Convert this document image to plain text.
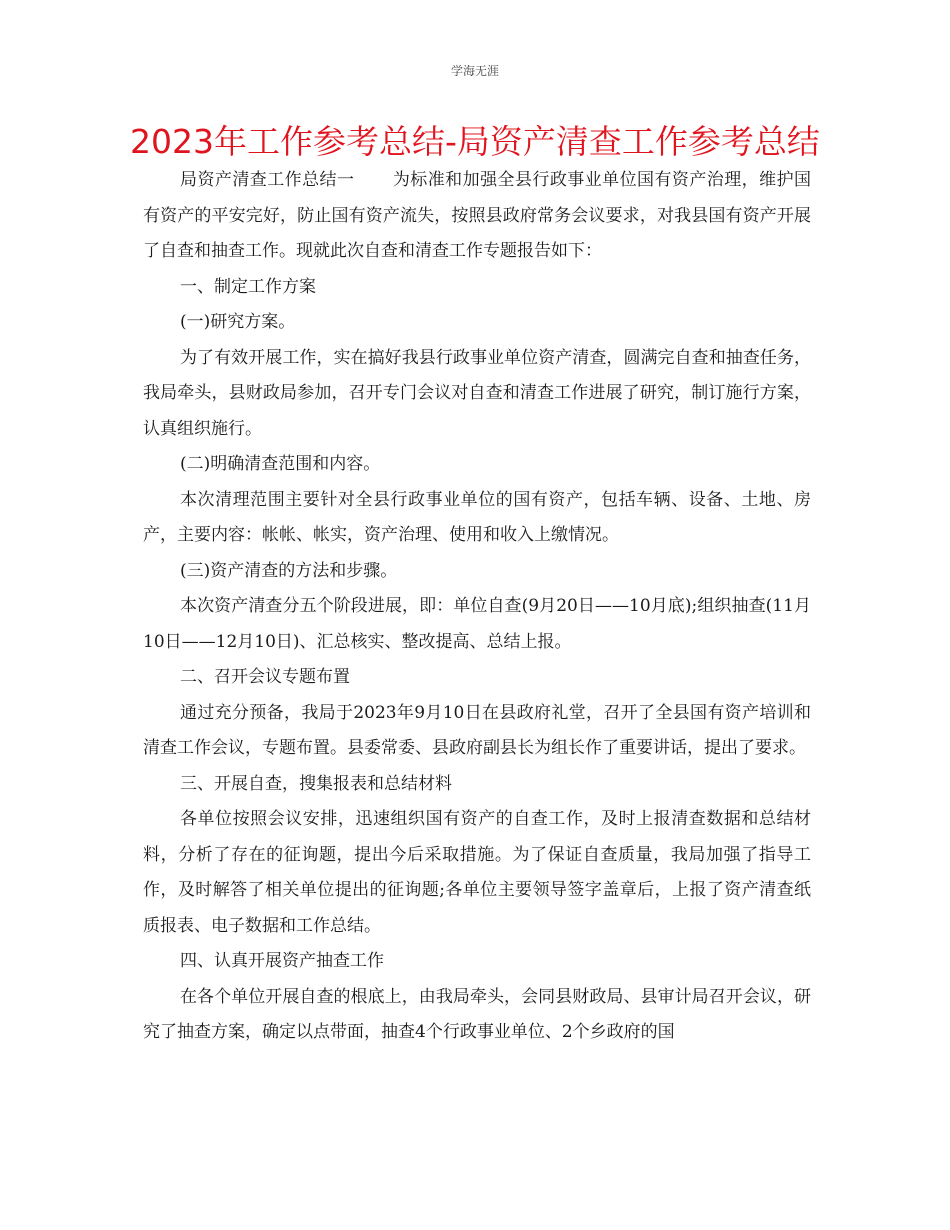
学海无涯
2023年工作参考总结-局资产清查工作参考总结

局资产清查工作总结一 为标准和加强全县行政事业单位国有资产治理，维护国有资产的平安完好，防止国有资产流失，按照县政府常务会议要求，对我县国有资产开展了自查和抽查工作。现就此次自查和清查工作专题报告如下：

一、制定工作方案

(一)研究方案。

为了有效开展工作，实在搞好我县行政事业单位资产清查，圆满完自查和抽查任务，我局牵头，县财政局参加，召开专门会议对自查和清查工作进展了研究，制订施行方案，认真组织施行。

(二)明确清查范围和内容。

本次清理范围主要针对全县行政事业单位的国有资产，包括车辆、设备、土地、房产，主要内容：帐帐、帐实，资产治理、使用和收入上缴情况。

(三)资产清查的方法和步骤。

本次资产清查分五个阶段进展，即：单位自查(9月20日——10月底);组织抽查(11月10日——12月10日)、汇总核实、整改提高、总结上报。

二、召开会议专题布置

通过充分预备，我局于2023年9月10日在县政府礼堂，召开了全县国有资产培训和清查工作会议，专题布置。县委常委、县政府副县长为组长作了重要讲话，提出了要求。

三、开展自查，搜集报表和总结材料

各单位按照会议安排，迅速组织国有资产的自查工作，及时上报清查数据和总结材料，分析了存在的征询题，提出今后采取措施。为了保证自查质量，我局加强了指导工作，及时解答了相关单位提出的征询题;各单位主要领导签字盖章后，上报了资产清查纸质报表、电子数据和工作总结。

四、认真开展资产抽查工作

在各个单位开展自查的根底上，由我局牵头，会同县财政局、县审计局召开会议，研究了抽查方案，确定以点带面，抽查4个行政事业单位、2个乡政府的国
